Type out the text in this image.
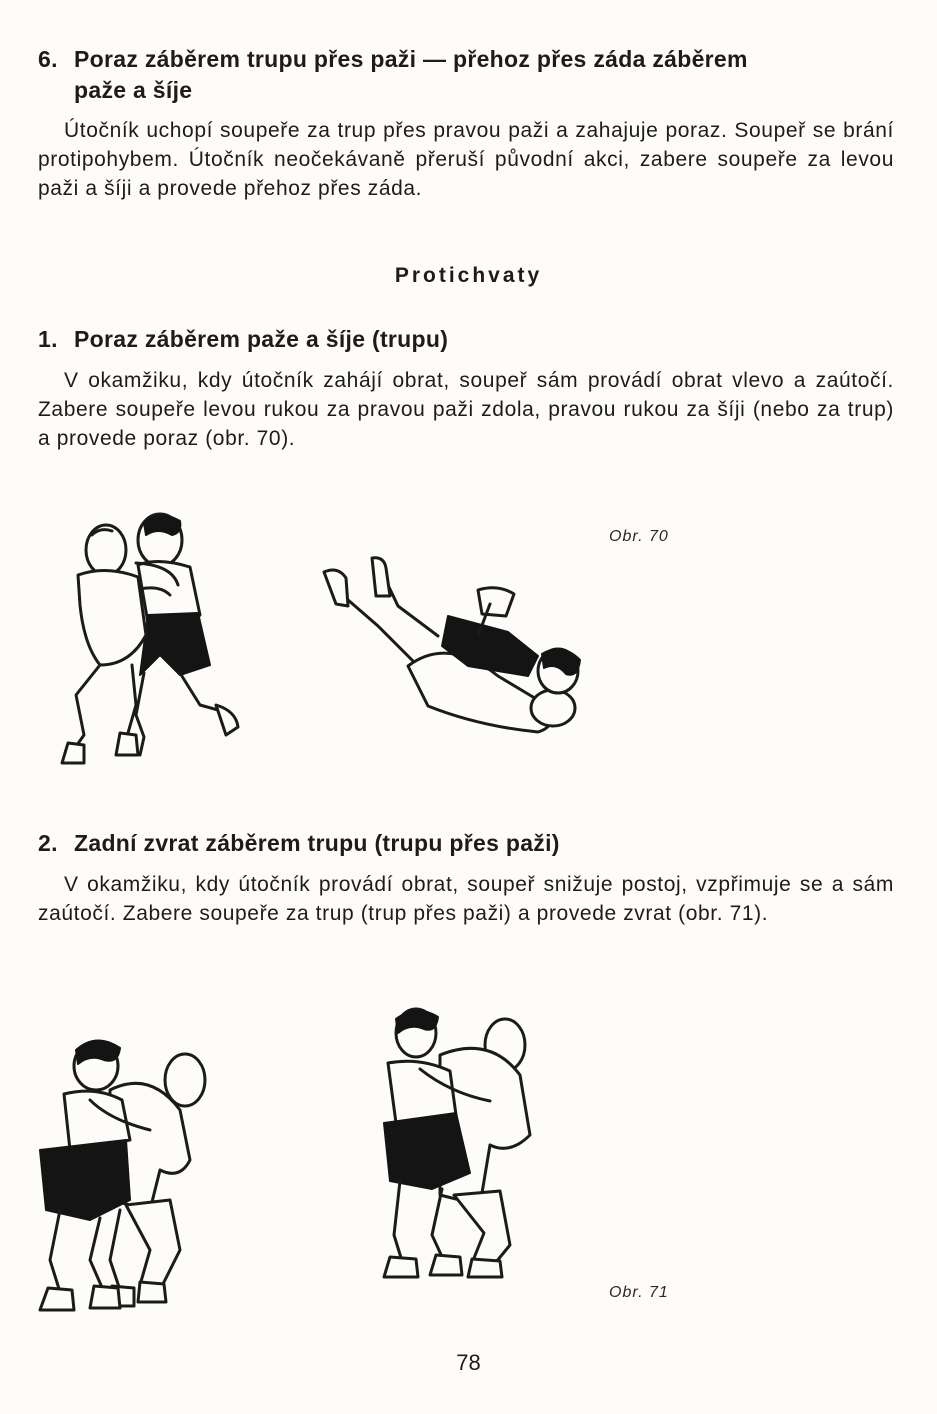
6. Poraz záběrem trupu přes paži — přehoz přes záda záběrem
paže a šíje
Útočník uchopí soupeře za trup přes pravou paži a zahajuje poraz. Soupeř se brání protipohybem. Útočník neočekávaně přeruší původní akci, zabere soupeře za levou paži a šíji a provede přehoz přes záda.
Protichvaty
1. Poraz záběrem paže a šíje (trupu)
V okamžiku, kdy útočník zahájí obrat, soupeř sám provádí obrat vlevo a zaútočí. Zabere soupeře levou rukou za pravou paži zdola, pravou rukou za šíji (nebo za trup) a provede poraz (obr. 70).
Obr. 70
2. Zadní zvrat záběrem trupu (trupu přes paži)
V okamžiku, kdy útočník provádí obrat, soupeř snižuje postoj, vzpřimuje se a sám zaútočí. Zabere soupeře za trup (trup přes paži) a provede zvrat (obr. 71).
Obr. 71
78
